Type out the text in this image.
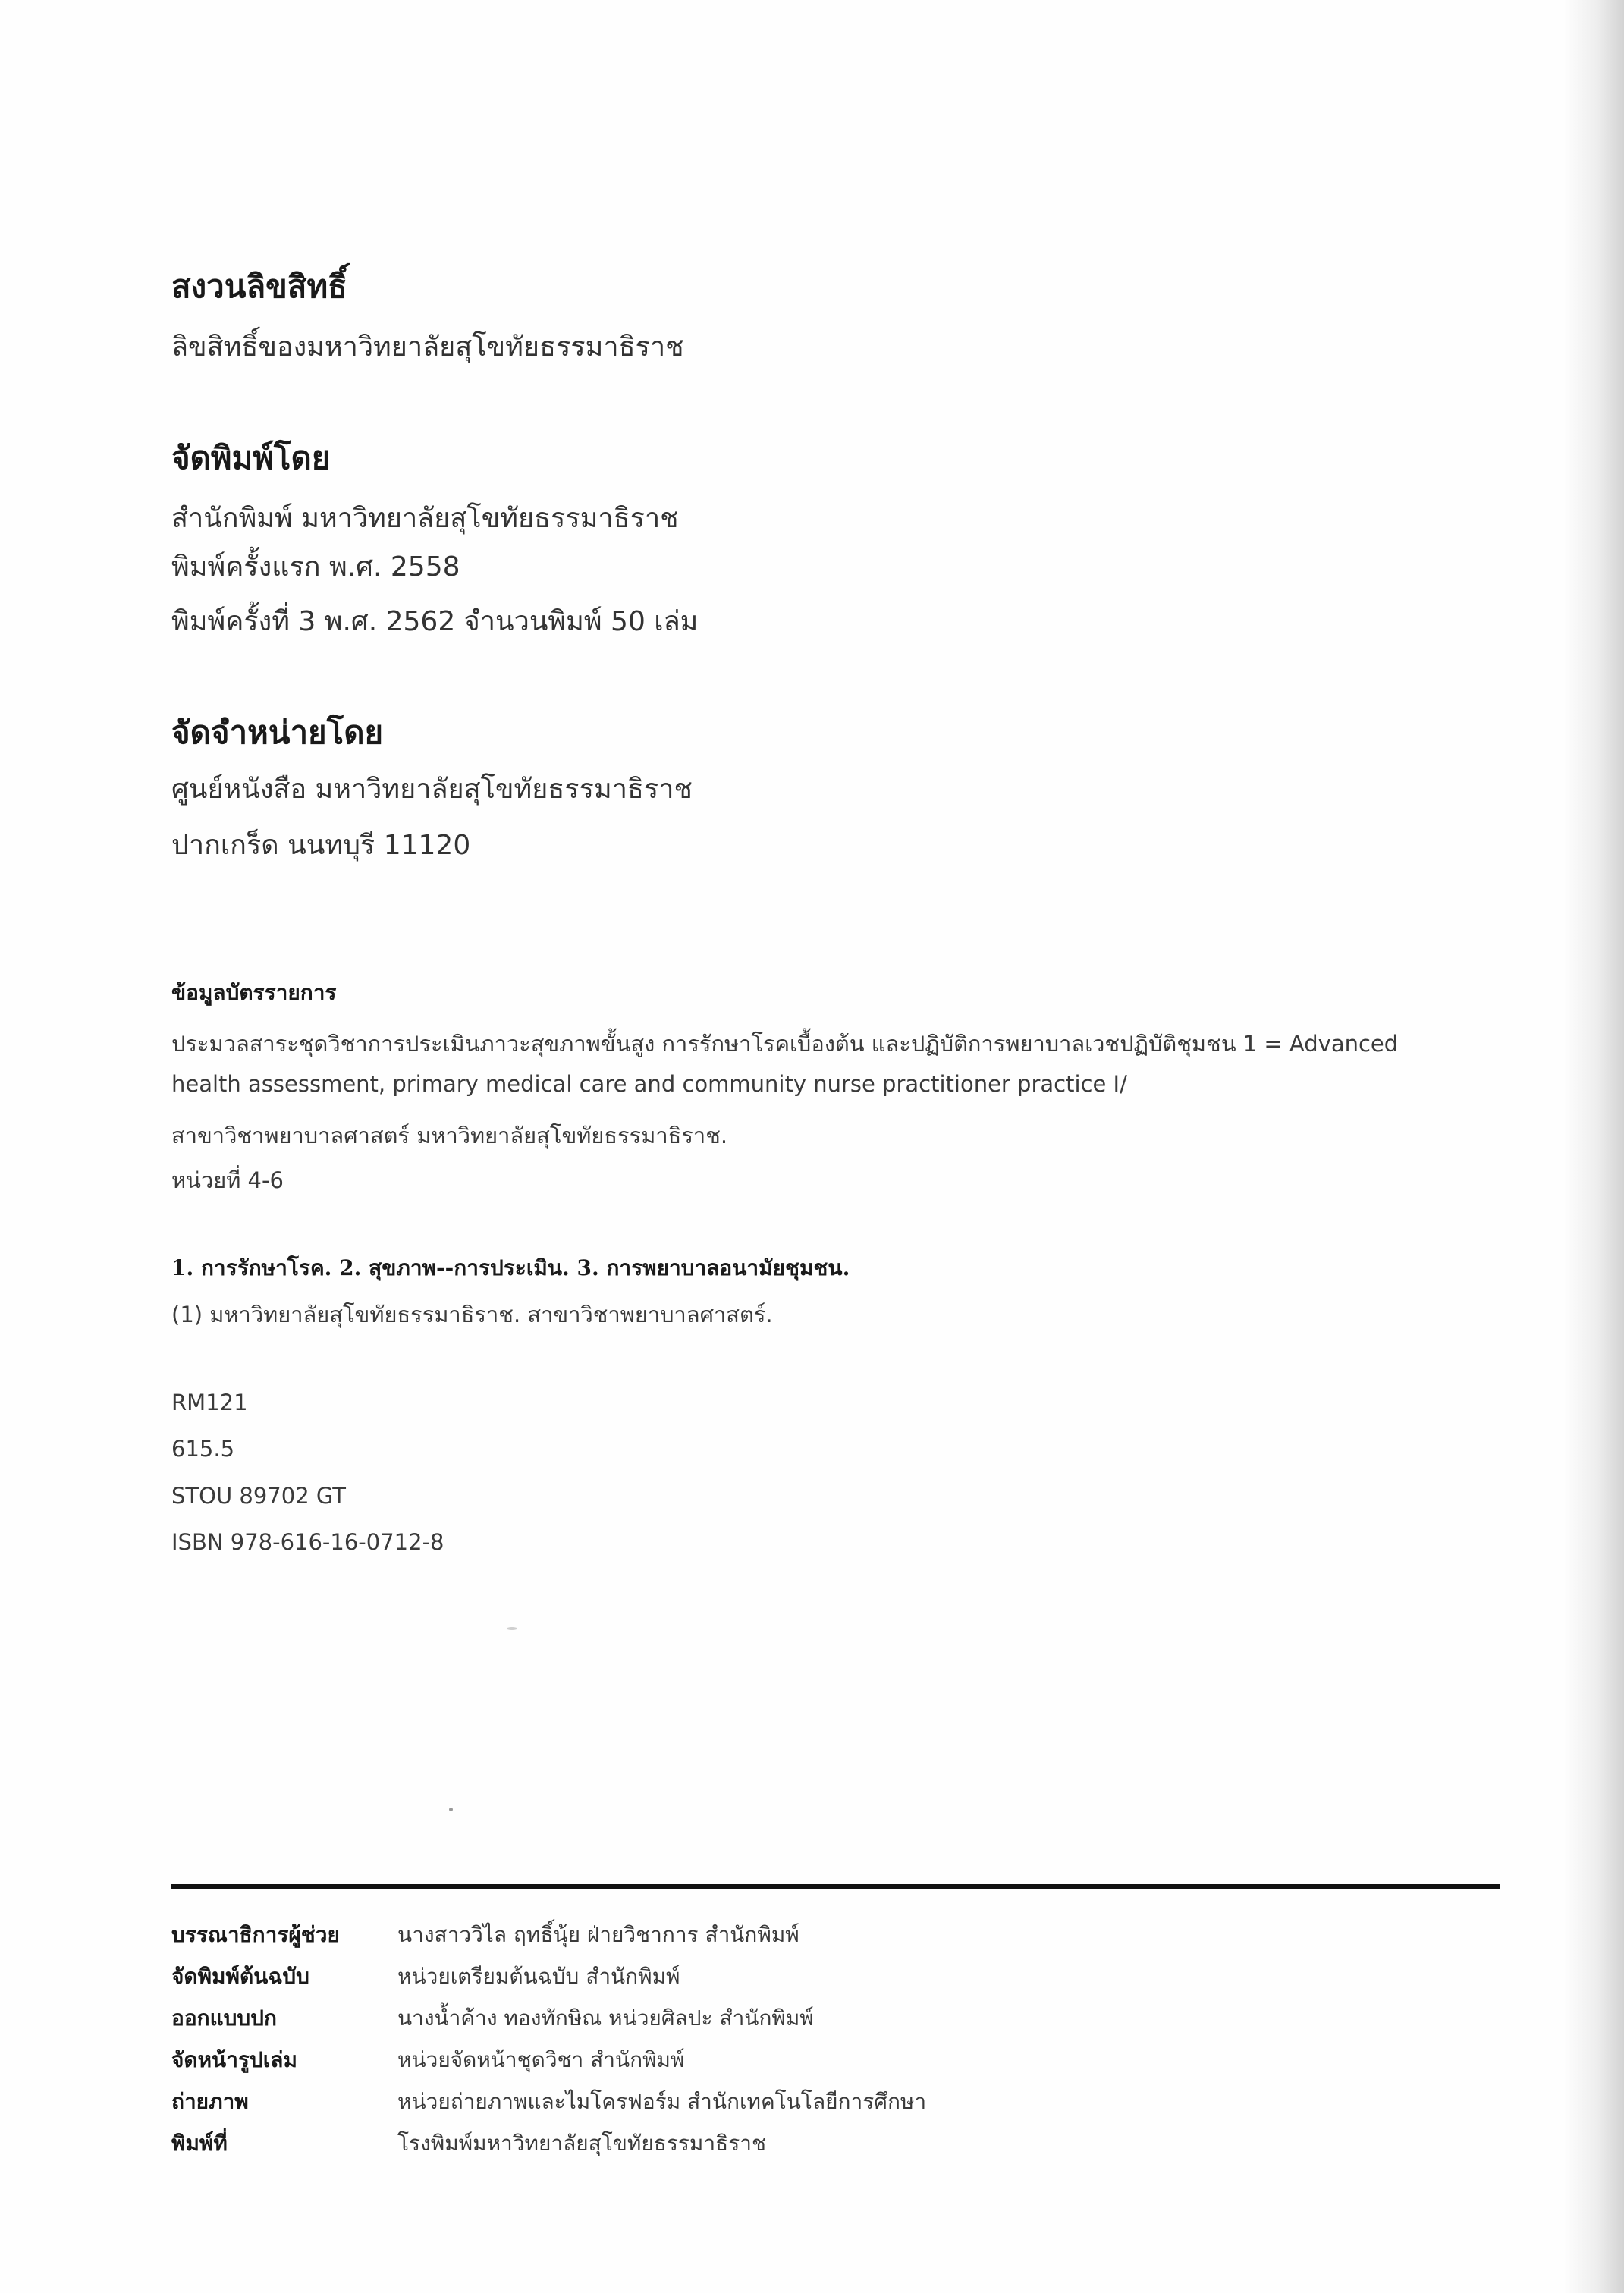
สงวนลิขสิทธิ์
ลิขสิทธิ์ของมหาวิทยาลัยสุโขทัยธรรมาธิราช
จัดพิมพ์โดย
สำนักพิมพ์ มหาวิทยาลัยสุโขทัยธรรมาธิราช
พิมพ์ครั้งแรก พ.ศ. 2558
พิมพ์ครั้งที่ 3 พ.ศ. 2562 จำนวนพิมพ์ 50 เล่ม
จัดจำหน่ายโดย
ศูนย์หนังสือ มหาวิทยาลัยสุโขทัยธรรมาธิราช
ปากเกร็ด นนทบุรี 11120
ข้อมูลบัตรรายการ
ประมวลสาระชุดวิชาการประเมินภาวะสุขภาพขั้นสูง การรักษาโรคเบื้องต้น และปฏิบัติการพยาบาลเวชปฏิบัติชุมชน 1 = Advanced
health assessment, primary medical care and community nurse practitioner practice I/
สาขาวิชาพยาบาลศาสตร์ มหาวิทยาลัยสุโขทัยธรรมาธิราช.
หน่วยที่ 4-6
1. การรักษาโรค. 2. สุขภาพ--การประเมิน. 3. การพยาบาลอนามัยชุมชน.
(1) มหาวิทยาลัยสุโขทัยธรรมาธิราช. สาขาวิชาพยาบาลศาสตร์.
RM121
615.5
STOU 89702 GT
ISBN 978-616-16-0712-8
บรรณาธิการผู้ช่วย	นางสาววิไล ฤทธิ์นุ้ย ฝ่ายวิชาการ สำนักพิมพ์
จัดพิมพ์ต้นฉบับ	หน่วยเตรียมต้นฉบับ สำนักพิมพ์
ออกแบบปก	นางน้ำค้าง ทองทักษิณ หน่วยศิลปะ สำนักพิมพ์
จัดหน้ารูปเล่ม	หน่วยจัดหน้าชุดวิชา สำนักพิมพ์
ถ่ายภาพ	หน่วยถ่ายภาพและไมโครฟอร์ม สำนักเทคโนโลยีการศึกษา
พิมพ์ที่	โรงพิมพ์มหาวิทยาลัยสุโขทัยธรรมาธิราช
